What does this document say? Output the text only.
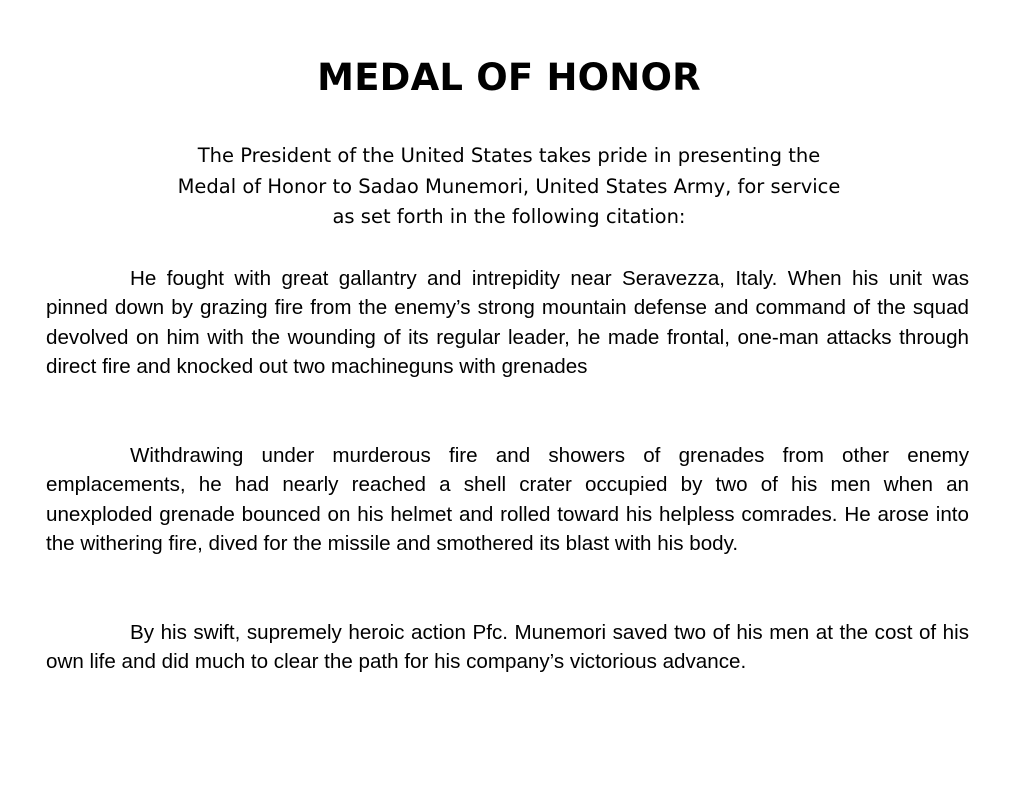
MEDAL OF HONOR

The President of the United States takes pride in presenting the
Medal of Honor to Sadao Munemori, United States Army, for service
as set forth in the following citation:

He fought with great gallantry and intrepidity near Seravezza, Italy. When his unit was pinned down by grazing fire from the enemy’s strong mountain defense and command of the squad devolved on him with the wounding of its regular leader, he made frontal, one-man attacks through direct fire and knocked out two machineguns with grenades

Withdrawing under murderous fire and showers of grenades from other enemy emplacements, he had nearly reached a shell crater occupied by two of his men when an unexploded grenade bounced on his helmet and rolled toward his helpless comrades. He arose into the withering fire, dived for the missile and smothered its blast with his body.

By his swift, supremely heroic action Pfc. Munemori saved two of his men at the cost of his own life and did much to clear the path for his company’s victorious advance.
